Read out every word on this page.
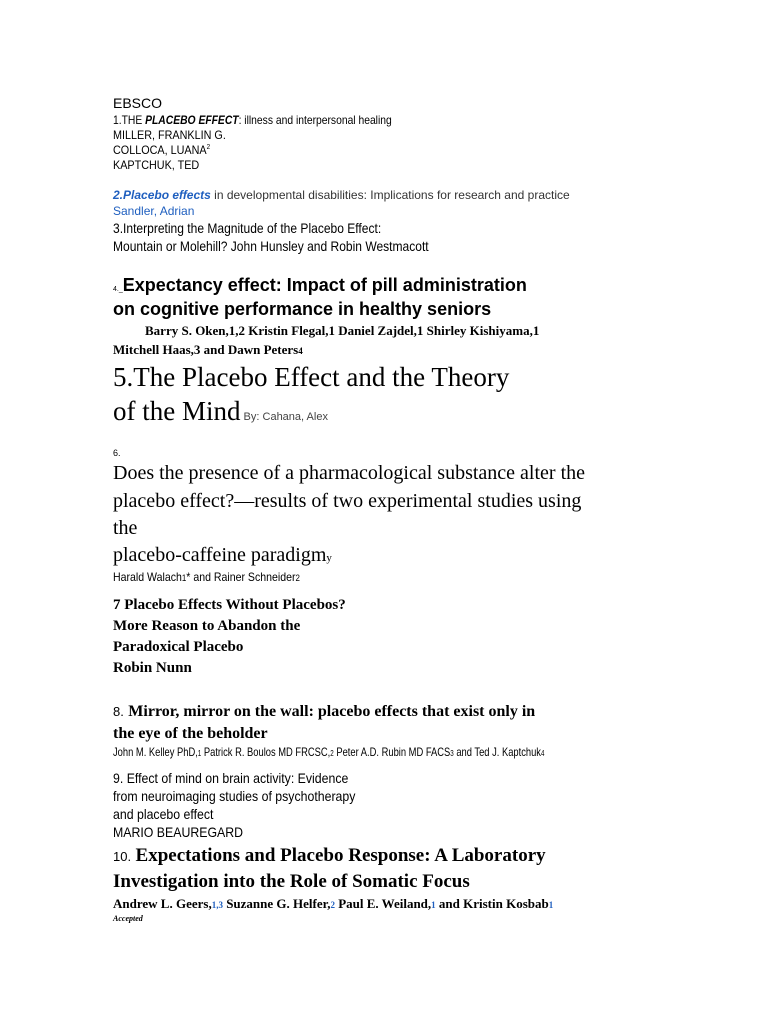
EBSCO
1.THE PLACEBO EFFECT: illness and interpersonal healing
MILLER, FRANKLIN G.
COLLOCA, LUANA$^2$
KAPTCHUK, TED
2.Placebo effects in developmental disabilities: Implications for research and practice
Sandler, Adrian
3.Interpreting the Magnitude of the Placebo Effect:
Mountain or Molehill? John Hunsley and Robin Westmacott
4._Expectancy effect: Impact of pill administration
on cognitive performance in healthy seniors
Barry S. Oken,1,2 Kristin Flegal,1 Daniel Zajdel,1 Shirley Kishiyama,1
Mitchell Haas,3 and Dawn Peters4
5.The Placebo Effect and the Theory
of the Mind By: Cahana, Alex
6.
Does the presence of a pharmacological substance alter the
placebo effect?—results of two experimental studies using
the
placebo-caffeine paradigmy
Harald Walach1* and Rainer Schneider2
7 Placebo Effects Without Placebos?
More Reason to Abandon the
Paradoxical Placebo
Robin Nunn
8. Mirror, mirror on the wall: placebo effects that exist only in
the eye of the beholder
John M. Kelley PhD,1 Patrick R. Boulos MD FRCSC,2 Peter A.D. Rubin MD FACS3 and Ted J. Kaptchuk4
9. Effect of mind on brain activity: Evidence
from neuroimaging studies of psychotherapy
and placebo effect
MARIO BEAUREGARD
10. Expectations and Placebo Response: A Laboratory
Investigation into the Role of Somatic Focus
Andrew L. Geers,1,3 Suzanne G. Helfer,2 Paul E. Weiland,1 and Kristin Kosbab1
Accepted
